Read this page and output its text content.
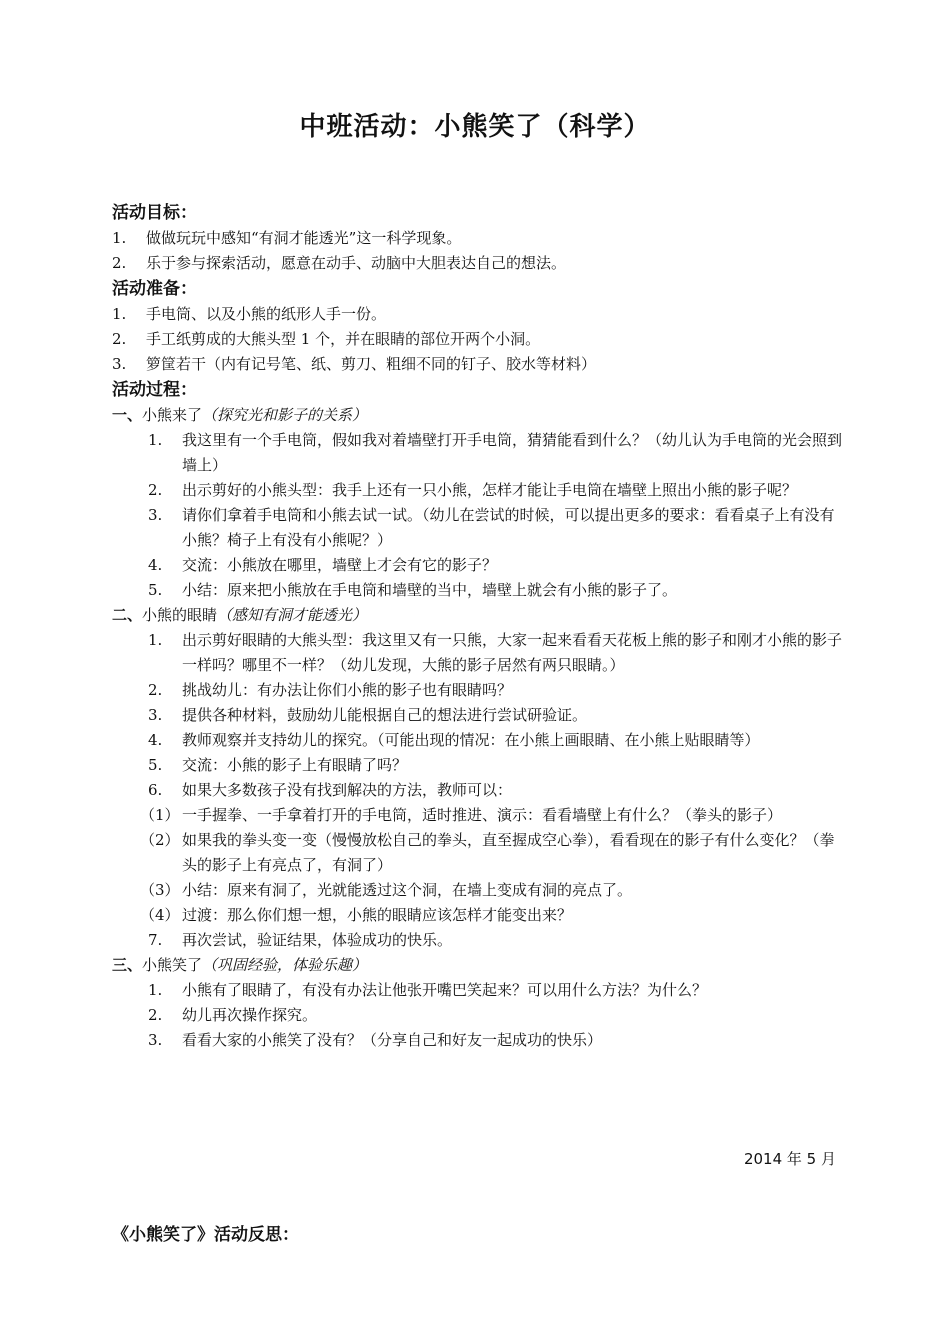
中班活动：小熊笑了（科学）
活动目标：
1.	做做玩玩中感知“有洞才能透光”这一科学现象。
2.	乐于参与探索活动，愿意在动手、动脑中大胆表达自己的想法。
活动准备：
1.	手电筒、以及小熊的纸形人手一份。
2.	手工纸剪成的大熊头型 1 个，并在眼睛的部位开两个小洞。
3.	箩筐若干（内有记号笔、纸、剪刀、粗细不同的钉子、胶水等材料）
活动过程：
一、小熊来了（探究光和影子的关系）
1.	我这里有一个手电筒，假如我对着墙壁打开手电筒，猜猜能看到什么？（幼儿认为手电筒的光会照到墙上）
2.	出示剪好的小熊头型：我手上还有一只小熊，怎样才能让手电筒在墙壁上照出小熊的影子呢？
3.	请你们拿着手电筒和小熊去试一试。（幼儿在尝试的时候，可以提出更多的要求：看看桌子上有没有小熊？椅子上有没有小熊呢？）
4.	交流：小熊放在哪里，墙壁上才会有它的影子？
5.	小结：原来把小熊放在手电筒和墙壁的当中，墙壁上就会有小熊的影子了。
二、小熊的眼睛（感知有洞才能透光）
1.	出示剪好眼睛的大熊头型：我这里又有一只熊，大家一起来看看天花板上熊的影子和刚才小熊的影子一样吗？哪里不一样？（幼儿发现，大熊的影子居然有两只眼睛。）
2.	挑战幼儿：有办法让你们小熊的影子也有眼睛吗？
3.	提供各种材料，鼓励幼儿能根据自己的想法进行尝试研验证。
4.	教师观察并支持幼儿的探究。（可能出现的情况：在小熊上画眼睛、在小熊上贴眼睛等）
5.	交流：小熊的影子上有眼睛了吗？
6.	如果大多数孩子没有找到解决的方法，教师可以：
（1） 一手握拳、一手拿着打开的手电筒，适时推进、演示：看看墙壁上有什么？（拳头的影子）
（2） 如果我的拳头变一变（慢慢放松自己的拳头，直至握成空心拳），看看现在的影子有什么变化？（拳头的影子上有亮点了，有洞了）
（3） 小结：原来有洞了，光就能透过这个洞，在墙上变成有洞的亮点了。
（4） 过渡：那么你们想一想，小熊的眼睛应该怎样才能变出来？
7.	再次尝试，验证结果，体验成功的快乐。
三、小熊笑了（巩固经验，体验乐趣）
1.	小熊有了眼睛了，有没有办法让他张开嘴巴笑起来？可以用什么方法？为什么？
2.	幼儿再次操作探究。
3.	看看大家的小熊笑了没有？（分享自己和好友一起成功的快乐）
2014 年 5 月
《小熊笑了》活动反思：
